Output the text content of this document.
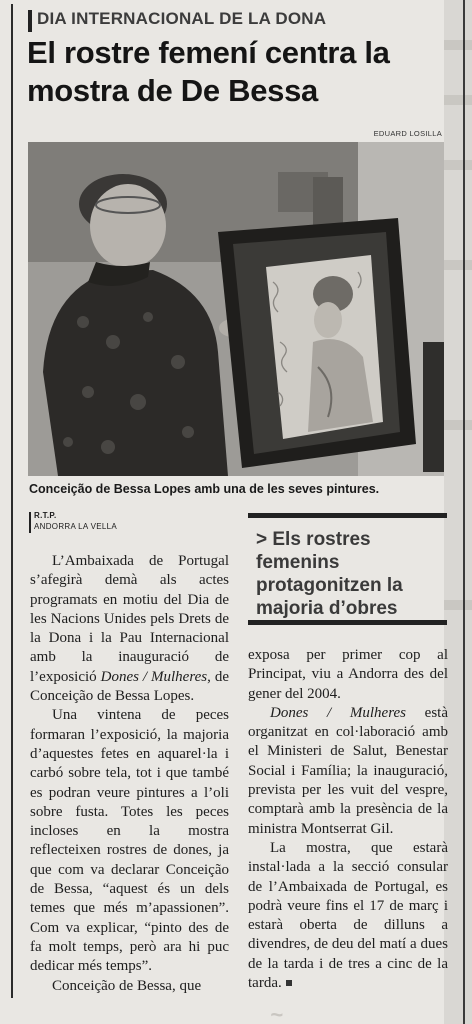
DIA INTERNACIONAL DE LA DONA
El rostre femení centra la mostra de De Bessa
EDUARD LOSILLA
Conceição de Bessa Lopes amb una de les seves pintures.
R.T.P.
ANDORRA LA VELLA

> Els rostres femenins protagonitzen la majoria d’obres

L’Ambaixada de Portugal s’afegirà demà als actes programats en motiu del Dia de les Nacions Unides pels Drets de la Dona i la Pau Internacional amb la inauguració de l’exposició Dones / Mulheres, de Conceição de Bessa Lopes.

Una vintena de peces formaran l’exposició, la majoria d’aquestes fetes en aquarel·la i carbó sobre tela, tot i que també es podran veure pintures a l’oli sobre fusta. Totes les peces incloses en la mostra reflecteixen rostres de dones, ja que com va declarar Conceição de Bessa, “aquest és un dels temes que més m’apassionen”. Com va explicar, “pinto des de fa molt temps, però ara hi puc dedicar més temps”.

Conceição de Bessa, que

exposa per primer cop al Principat, viu a Andorra des del gener del 2004.

Dones / Mulheres està organitzat en col·laboració amb el Ministeri de Salut, Benestar Social i Família; la inauguració, prevista per les vuit del vespre, comptarà amb la presència de la ministra Montserrat Gil.

La mostra, que estarà instal·lada a la secció consular de l’Ambaixada de Portugal, es podrà veure fins el 17 de març i estarà oberta de dilluns a divendres, de deu del matí a dues de la tarda i de tres a cinc de la tarda.

~
